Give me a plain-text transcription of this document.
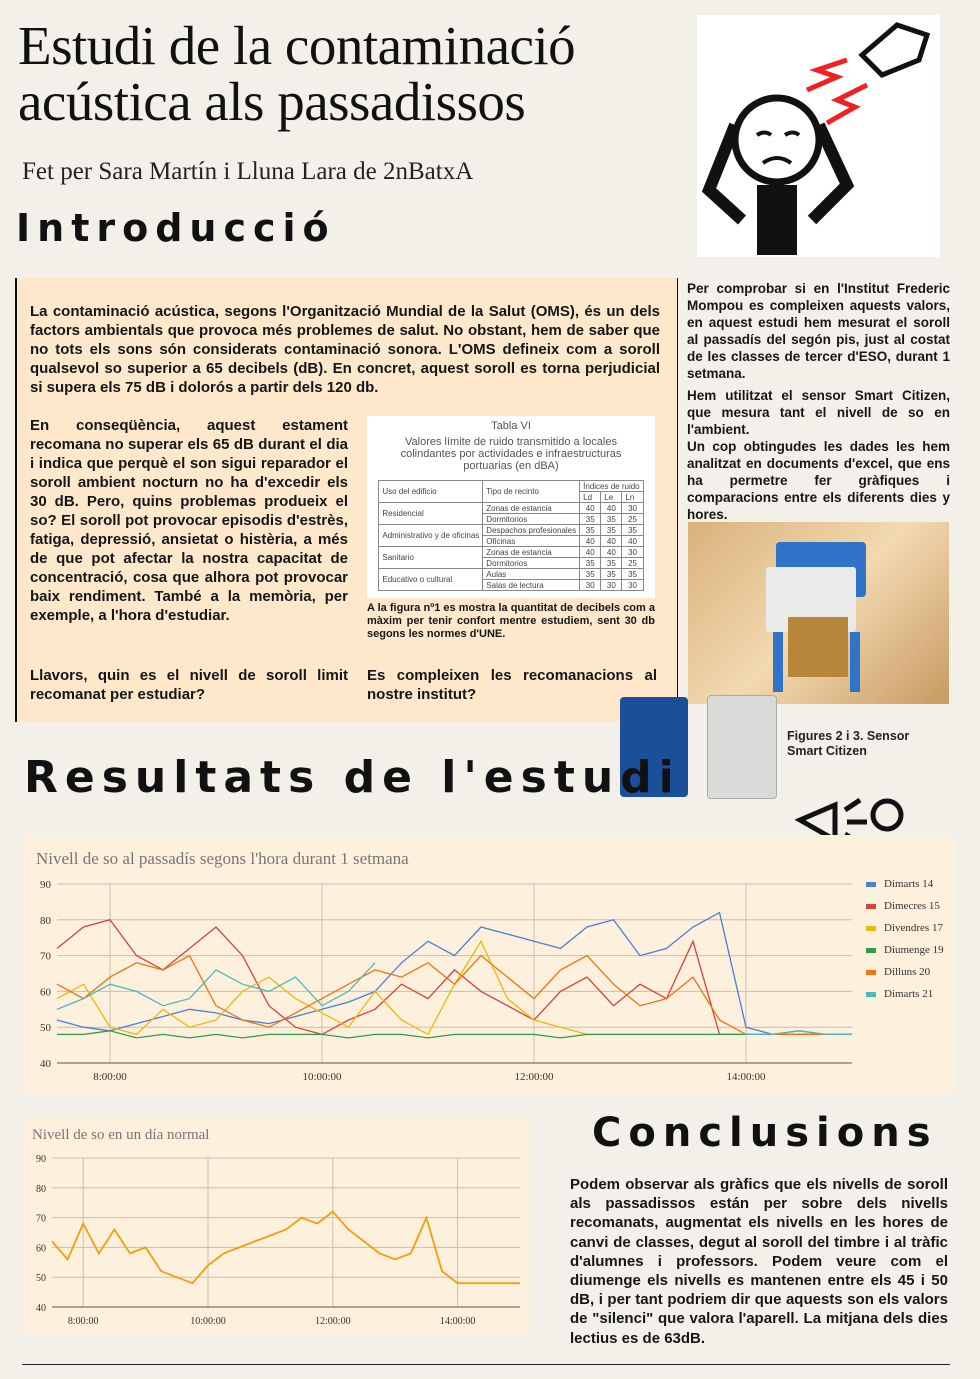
Estudi de la contaminació
acústica als passadissos
Fet per Sara Martín i Lluna Lara de 2nBatxA
Introducció

La contaminació acústica, segons l'Organització Mundial de la Salut (OMS), és un dels factors ambientals que provoca més problemes de salut. No obstant, hem de saber que no tots els sons són considerats contaminació sonora. L'OMS defineix com a soroll qualsevol so superior a 65 decibels (dB). En concret, aquest soroll es torna perjudicial si supera els 75 dB i dolorós a partir dels 120 db.

En conseqüència, aquest estament recomana no superar els 65 dB durant el dia i indica que perquè el son sigui reparador el soroll ambient nocturn no ha d'excedir els 30 dB. Pero, quins problemas produeix el so? El soroll pot provocar episodis d'estrès, fatiga, depressió, ansietat o histèria, a més de que pot afectar la nostra capacitat de concentració, cosa que alhora pot provocar baix rendiment. També a la memòria, per exemple, a l'hora d'estudiar.

Llavors, quin es el nivell de soroll limit recomanat per estudiar?

Tabla VI
Valores límite de ruido transmitido a locales colindantes por actividades e infraestructuras portuarias (en dBA)
Uso del edificio	Tipo de recinto	Índices de ruido		
		Ld	Le	Ln
Residencial	Zonas de estancia	40	40	30
	Dormitorios	35	35	25
Administrativo y de oficinas	Despachos profesionales	35	35	35
	Oficinas	40	40	40
Sanitario	Zonas de estancia	40	40	30
	Dormitorios	35	35	25
Educativo o cultural	Aulas	35	35	35
	Salas de lectura	30	30	30

A la figura nº1 es mostra la quantitat de decibels com a màxim per tenir confort mentre estudiem, sent 30 db segons les normes d'UNE.

Es compleixen les recomanacions al nostre institut?

Per comprobar si en l'Institut Frederic Mompou es compleixen aquests valors, en aquest estudi hem mesurat el soroll al passadís del segón pis, just al costat de les classes de tercer d'ESO, durant 1 setmana.

Hem utilitzat el sensor Smart Citizen, que mesura tant el nivell de so en l'ambient.

Un cop obtingudes les dades les hem analitzat en documents d'excel, que ens ha permetre fer gràfiques i comparacions entre els diferents dies y hores.

Figures 2 i 3. Sensor Smart Citizen

Resultats de l'estudi
Nivell de so al passadís segons l'hora durant 1 setmana
40
50
60
70
80
90
8:00:00	10:00:00	12:00:00	14:00:00
Dimarts 14
Dimecres 15
Divendres 17
Diumenge 19
Dilluns 20
Dimarts 21
Nivell de so en un día normal
40
50
60
70
80
90
8:00:00	10:00:00	12:00:00	14:00:00
Conclusions

Podem observar als gràfics que els nivells de soroll als passadissos están per sobre dels nivells recomanats, augmentat els nivells en les hores de canvi de classes, degut al soroll del timbre i al tràfic d'alumnes i professors. Podem veure com el diumenge els nivells es mantenen entre els 45 i 50 dB, i per tant podriem dir que aquests son els valors de "silenci" que valora l'aparell. La mitjana dels dies lectius es de 63dB.
